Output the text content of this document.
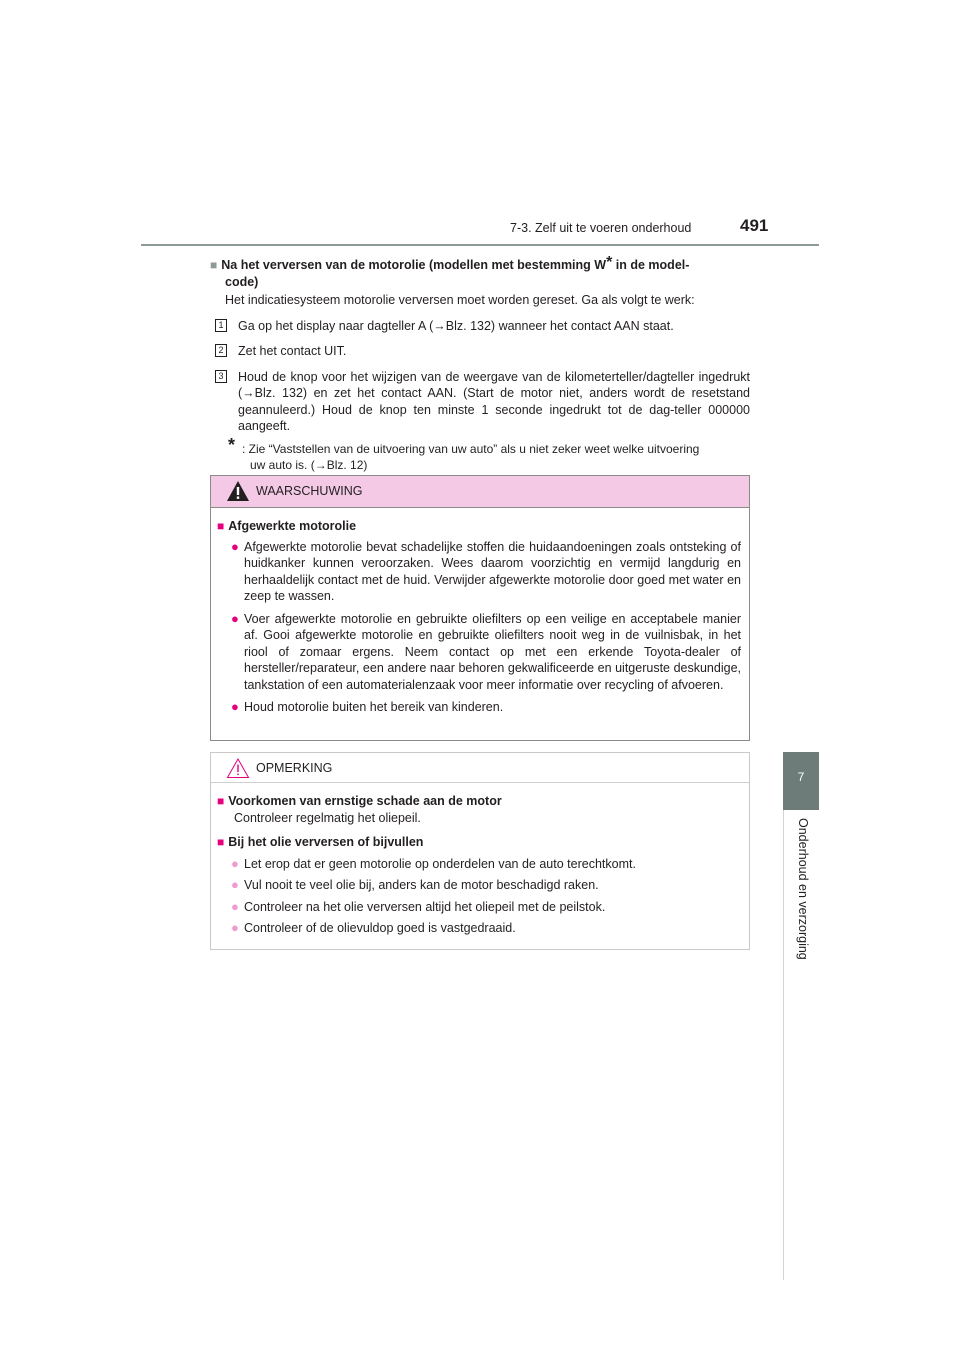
7-3. Zelf uit te voeren onderhoud	491
7
Onderhoud en verzorging
■ Na het verversen van de motorolie (modellen met bestemming W* in de model-
code)
Het indicatiesysteem motorolie verversen moet worden gereset. Ga als volgt te werk:
1 Ga op het display naar dagteller A (→Blz. 132) wanneer het contact AAN staat.
2 Zet het contact UIT.
3 Houd de knop voor het wijzigen van de weergave van de kilometerteller/dagteller ingedrukt (→Blz. 132) en zet het contact AAN. (Start de motor niet, anders wordt de resetstand geannuleerd.) Houd de knop ten minste 1 seconde ingedrukt tot de dag-teller 000000 aangeeft.
* : Zie “Vaststellen van de uitvoering van uw auto” als u niet zeker weet welke uitvoering
uw auto is. (→Blz. 12)
WAARSCHUWING
■ Afgewerkte motorolie
● Afgewerkte motorolie bevat schadelijke stoffen die huidaandoeningen zoals ontsteking of huidkanker kunnen veroorzaken. Wees daarom voorzichtig en vermijd langdurig en herhaaldelijk contact met de huid. Verwijder afgewerkte motorolie door goed met water en zeep te wassen.
● Voer afgewerkte motorolie en gebruikte oliefilters op een veilige en acceptabele manier af. Gooi afgewerkte motorolie en gebruikte oliefilters nooit weg in de vuilnisbak, in het riool of zomaar ergens. Neem contact op met een erkende Toyota-dealer of hersteller/reparateur, een andere naar behoren gekwalificeerde en uitgeruste deskundige, tankstation of een automaterialenzaak voor meer informatie over recycling of afvoeren.
● Houd motorolie buiten het bereik van kinderen.
OPMERKING
■ Voorkomen van ernstige schade aan de motor
Controleer regelmatig het oliepeil.
■ Bij het olie verversen of bijvullen
● Let erop dat er geen motorolie op onderdelen van de auto terechtkomt.
● Vul nooit te veel olie bij, anders kan de motor beschadigd raken.
● Controleer na het olie verversen altijd het oliepeil met de peilstok.
● Controleer of de olievuldop goed is vastgedraaid.
